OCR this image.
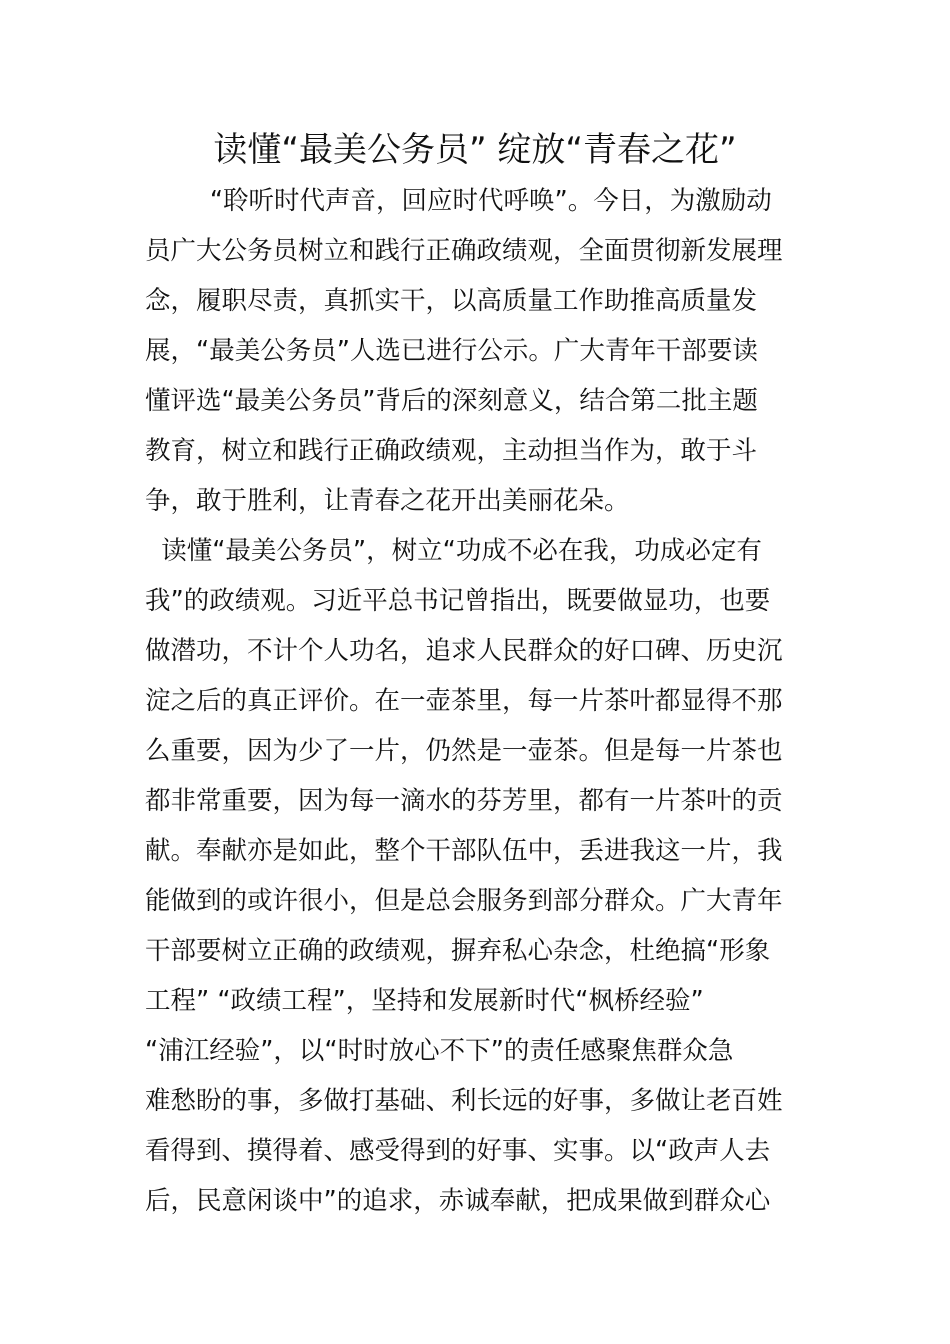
读懂“最美公务员” 绽放“青春之花”
“聆听时代声音，回应时代呼唤”。今日，为激励动
员广大公务员树立和践行正确政绩观，全面贯彻新发展理
念，履职尽责，真抓实干，以高质量工作助推高质量发
展，“最美公务员”人选已进行公示。广大青年干部要读
懂评选“最美公务员”背后的深刻意义，结合第二批主题
教育，树立和践行正确政绩观，主动担当作为，敢于斗
争，敢于胜利，让青春之花开出美丽花朵。
读懂“最美公务员”，树立“功成不必在我，功成必定有
我”的政绩观。习近平总书记曾指出，既要做显功，也要
做潜功，不计个人功名，追求人民群众的好口碑、历史沉
淀之后的真正评价。在一壶茶里，每一片茶叶都显得不那
么重要，因为少了一片，仍然是一壶茶。但是每一片茶也
都非常重要，因为每一滴水的芬芳里，都有一片茶叶的贡
献。奉献亦是如此，整个干部队伍中，丢进我这一片，我
能做到的或许很小，但是总会服务到部分群众。广大青年
干部要树立正确的政绩观，摒弃私心杂念，杜绝搞“形象
工程” “政绩工程”，坚持和发展新时代“枫桥经验”
“浦江经验”，以“时时放心不下”的责任感聚焦群众急
难愁盼的事，多做打基础、利长远的好事，多做让老百姓
看得到、摸得着、感受得到的好事、实事。以“政声人去
后，民意闲谈中”的追求，赤诚奉献，把成果做到群众心
